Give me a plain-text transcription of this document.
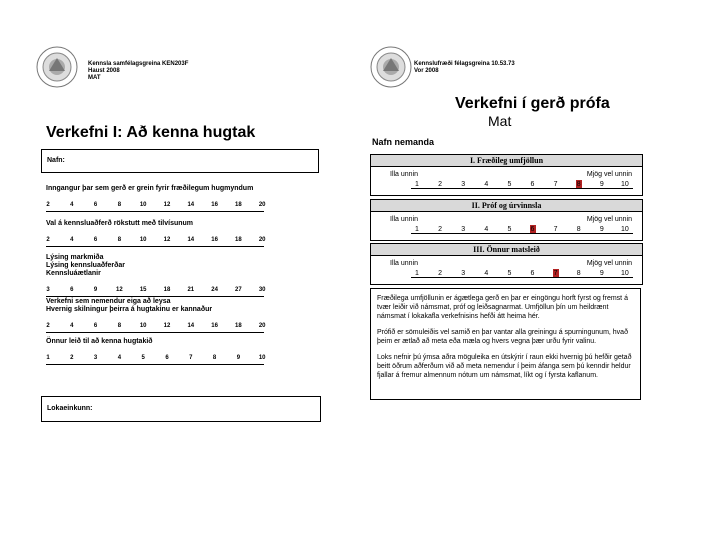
Kennsla samfélagsgreina KEN203F
Haust 2008
MAT
Verkefni I: Að kenna hugtak
Nafn:
Inngangur þar sem gerð er grein fyrir fræðilegum hugmyndum
2	4	6	8	10	12	14	16	18	20
Val á kennsluaðferð rökstutt með tilvísunum
2	4	6	8	10	12	14	16	18	20
Lýsing markmiða
Lýsing kennsluaðferðar
Kennsluáætlanir
3	6	9	12	15	18	21	24	27	30
Verkefni sem nemendur eiga að leysa
Hvernig skilningur þeirra á hugtakinu er kannaður
2	4	6	8	10	12	14	16	18	20
Önnur leið til að kenna hugtakið
1	2	3	4	5	6	7	8	9	10
Lokaeinkunn:
Kennslufræði félagsgreina 10.53.73
Vor 2008
Verkefni í gerð prófa
Mat
Nafn nemanda
I. Fræðileg umfjöllun
Illa unnin	Mjög vel unnin
1	2	3	4	5	6	7	8	9 10
II. Próf og úrvinnsla
Illa unnin	Mjög vel unnin
1	2	3	4	5	6	7	8	9 10
III. Önnur matsleið
Illa unnin	Mjög vel unnin
1	2	3	4	5	6	7	8	9 10

Fræðilega umfjöllunin er ágætlega gerð en þar er eingöngu horft fyrst og fremst á tvær leiðir við námsmat, próf og leiðsagnarmat. Umfjöllun þín um heildrænt námsmat í lokakafla verkefnisins hefði átt heima hér.

Prófið er sömuleiðis vel samið en þar vantar alla greiningu á spurningunum, hvað þeim er ætlað að meta eða mæla og hvers vegna þær urðu fyrir valinu.

Loks nefnir þú ýmsa aðra möguleika en útskýrir í raun ekki hvernig þú hefðir getað beitt öðrum aðferðum við að meta nemendur í þeim áfanga sem þú kenndir heldur fjallar á fremur almennum nótum um námsmat, líkt og í fyrsta kaflanum.
